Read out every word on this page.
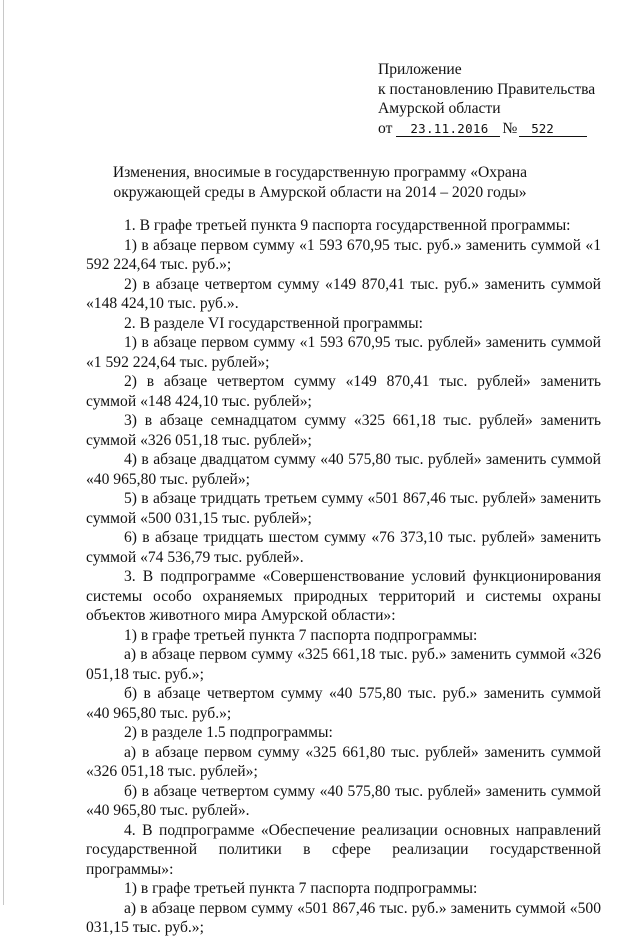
Приложение
к постановлению Правительства
Амурской области
от
	23.11.2016 №	522
Изменения, вносимые в государственную программу «Охрана окружающей среды в Амурской области на 2014 – 2020 годы»

1. В графе третьей пункта 9 паспорта государственной программы:

1) в абзаце первом сумму «1 593 670,95 тыс. руб.» заменить суммой «1 592 224,64 тыс. руб.»;

2) в абзаце четвертом сумму «149 870,41 тыс. руб.» заменить суммой «148 424,10 тыс. руб.».

2. В разделе VI государственной программы:

1) в абзаце первом сумму «1 593 670,95 тыс. рублей» заменить суммой «1 592 224,64 тыс. рублей»;

2) в абзаце четвертом сумму «149 870,41 тыс. рублей» заменить суммой «148 424,10 тыс. рублей»;

3) в абзаце семнадцатом сумму «325 661,18 тыс. рублей» заменить суммой «326 051,18 тыс. рублей»;

4) в абзаце двадцатом сумму «40 575,80 тыс. рублей» заменить суммой «40 965,80 тыс. рублей»;

5) в абзаце тридцать третьем сумму «501 867,46 тыс. рублей» заменить суммой «500 031,15 тыс. рублей»;

6) в абзаце тридцать шестом сумму «76 373,10 тыс. рублей» заменить суммой «74 536,79 тыс. рублей».

3. В подпрограмме «Совершенствование условий функционирования системы особо охраняемых природных территорий и системы охраны объектов животного мира Амурской области»:

1) в графе третьей пункта 7 паспорта подпрограммы:

а) в абзаце первом сумму «325 661,18 тыс. руб.» заменить суммой «326 051,18 тыс. руб.»;

б) в абзаце четвертом сумму «40 575,80 тыс. руб.» заменить суммой «40 965,80 тыс. руб.»;

2) в разделе 1.5 подпрограммы:

а) в абзаце первом сумму «325 661,80 тыс. рублей» заменить суммой «326 051,18 тыс. рублей»;

б) в абзаце четвертом сумму «40 575,80 тыс. рублей» заменить суммой «40 965,80 тыс. рублей».

4. В подпрограмме «Обеспечение реализации основных направлений государственной политики в сфере реализации государственной программы»:

1) в графе третьей пункта 7 паспорта подпрограммы:

а) в абзаце первом сумму «501 867,46 тыс. руб.» заменить суммой «500 031,15 тыс. руб.»;
